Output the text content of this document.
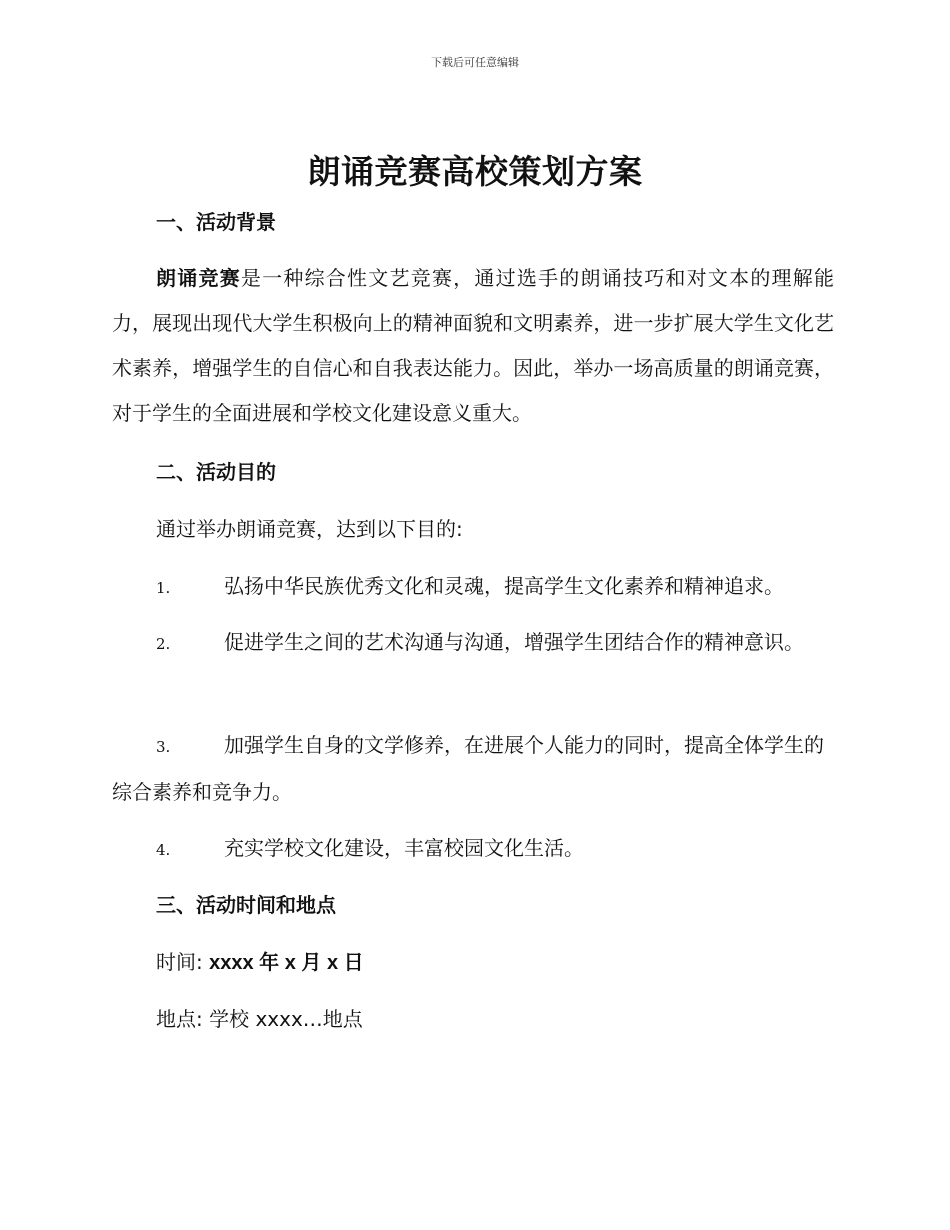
下载后可任意编辑
朗诵竞赛高校策划方案
一、活动背景
朗诵竞赛是一种综合性文艺竞赛，通过选手的朗诵技巧和对文本的理解能力，展现出现代大学生积极向上的精神面貌和文明素养，进一步扩展大学生文化艺术素养，增强学生的自信心和自我表达能力。因此，举办一场高质量的朗诵竞赛，对于学生的全面进展和学校文化建设意义重大。
二、活动目的
通过举办朗诵竞赛，达到以下目的:
1.	弘扬中华民族优秀文化和灵魂，提高学生文化素养和精神追求。
2.	促进学生之间的艺术沟通与沟通，增强学生团结合作的精神意识。
3.	加强学生自身的文学修养，在进展个人能力的同时，提高全体学生的综合素养和竞争力。
4.	充实学校文化建设，丰富校园文化生活。
三、活动时间和地点
时间: xxxx 年 x 月 x 日
地点: 学校 xxxx…地点
